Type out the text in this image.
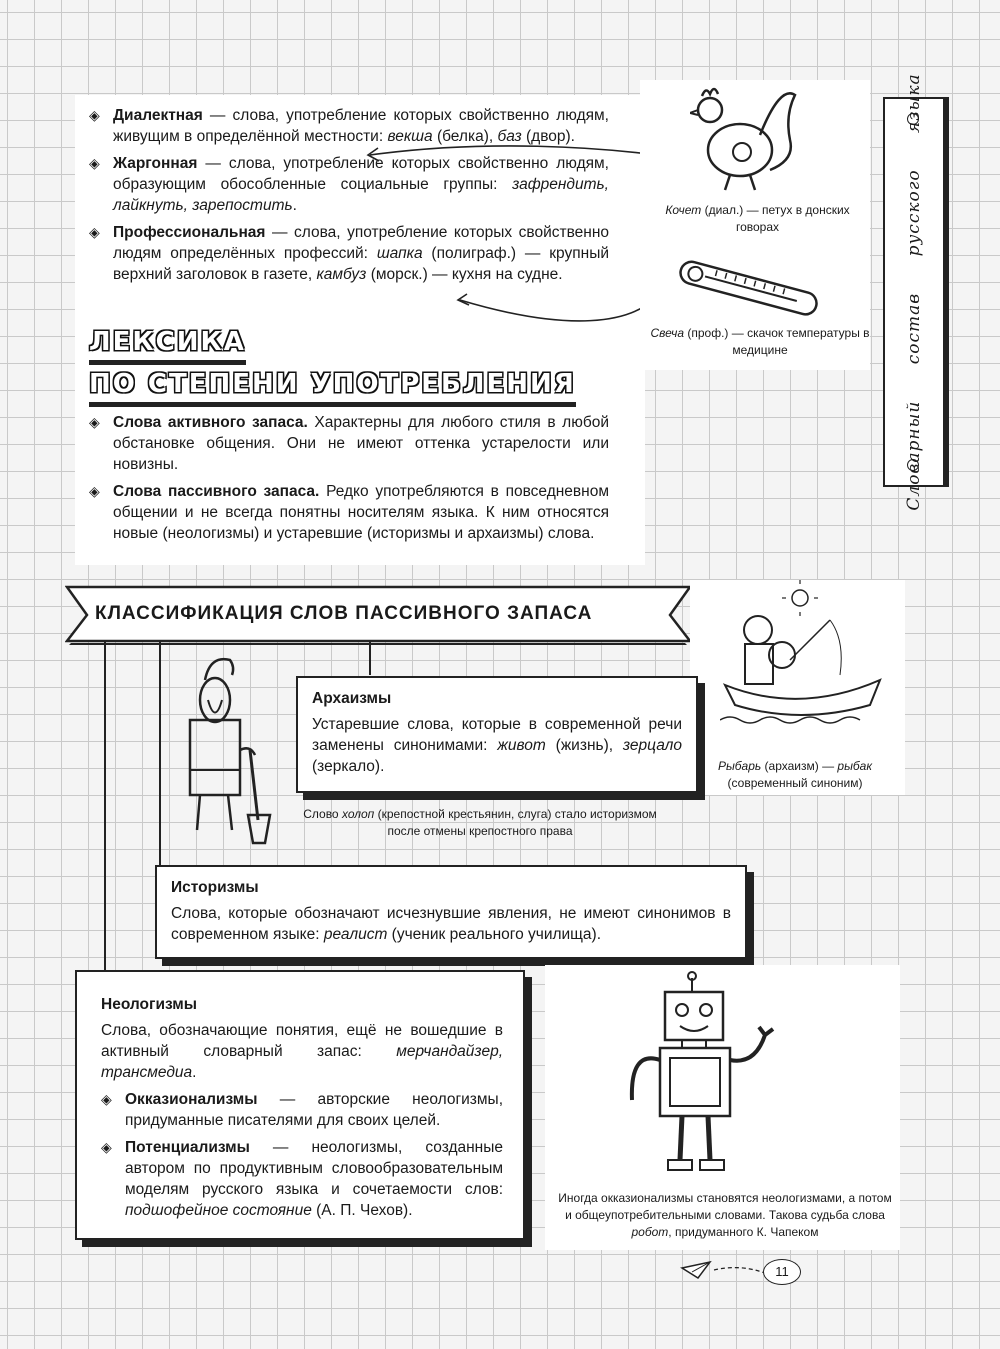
◈ Диалектная — слова, употребление которых свойственно людям, живущим в определённой местности: векша (белка), баз (двор).

◈ Жаргонная — слова, употребление которых свойственно людям, образующим обособленные социальные группы: зафрендить, лайкнуть, зарепостить.

◈ Профессиональная — слова, употребление которых свойственно людям определённых профессий: шапка (полиграф.) — крупный верхний заголовок в газете, камбуз (морск.) — кухня на судне.

Кочет (диал.) — петух в донских говорах
Свеча (проф.) — скачок температуры в медицине	Словарный состав русского языка
ЛЕКСИКА
ПО СТЕПЕНИ УПОТРЕБЛЕНИЯ

◈ Слова активного запаса. Характерны для любого стиля в любой обстановке общения. Они не имеют оттенка устарелости или новизны.

◈ Слова пассивного запаса. Редко употребляются в повседневном общении и не всегда понятны носителям языка. К ним относятся новые (неологизмы) и устаревшие (историзмы и архаизмы) слова.

КЛАССИФИКАЦИЯ СЛОВ ПАССИВНОГО ЗАПАСА
Рыбарь (архаизм) — рыбак (современный синоним)
Архаизмы

Устаревшие слова, которые в современной речи заменены синонимами: живот (жизнь), зерцало (зеркало).

Слово холоп (крепостной крестьянин, слуга) стало историзмом после отмены крепостного права
Историзмы

Слова, которые обозначают исчезнувшие явления, не имеют синонимов в современном языке: реалист (ученик реального училища).

Неологизмы

Слова, обозначающие понятия, ещё не вошедшие в активный словарный запас: мерчандайзер, трансмедиа.

◈ Окказионализмы — авторские неологизмы, придуманные писателями для своих целей.

◈ Потенциализмы — неологизмы, созданные автором по продуктивным словообразовательным моделям русского языка и сочетаемости слов: подшофейное состояние (А. П. Чехов).

Иногда окказионализмы становятся неологизмами, а потом и общеупотребительными словами. Такова судьба слова робот, придуманного К. Чапеком
11
